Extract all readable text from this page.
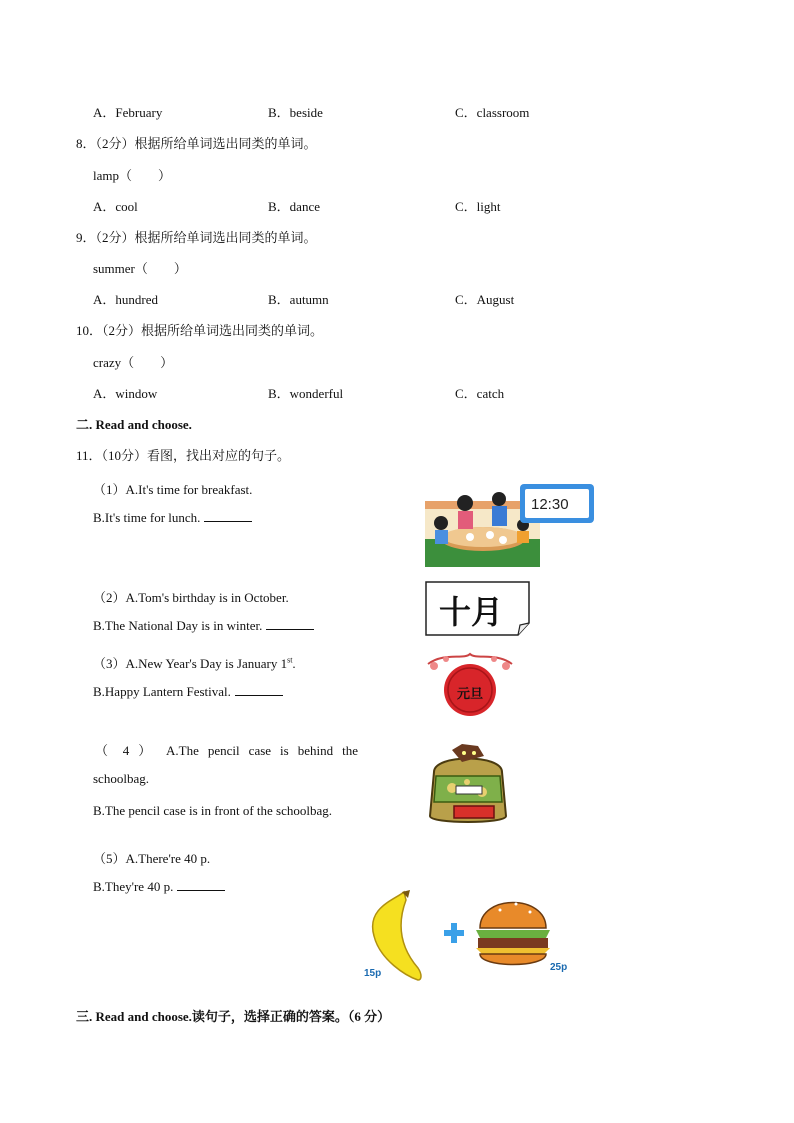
A．February	B．beside	C．classroom
8．（2分）根据所给单词选出同类的单词。
lamp（　　）
A．cool	B．dance	C．light
9．（2分）根据所给单词选出同类的单词。
summer（　　）
A．hundred	B．autumn	C．August
10．（2分）根据所给单词选出同类的单词。
crazy（　　）
A．window	B．wonderful	C．catch
二. Read and choose.
11．（10分）看图，找出对应的句子。
（1）A.It's time for breakfast.
B.It's time for lunch.
12:30
（2）A.Tom's birthday is in October.
B.The National Day is in winter.	十月
（3）A.New Year's Day is January 1st.
B.Happy Lantern Festival.	元旦
（ 4 ） A.The pencil case is behind the
schoolbag.
B.The pencil case is in front of the schoolbag.
（5）A.There're 40 p.
B.They're 40 p.
15p
25p
三. Read and choose.读句子，选择正确的答案。（6 分）
